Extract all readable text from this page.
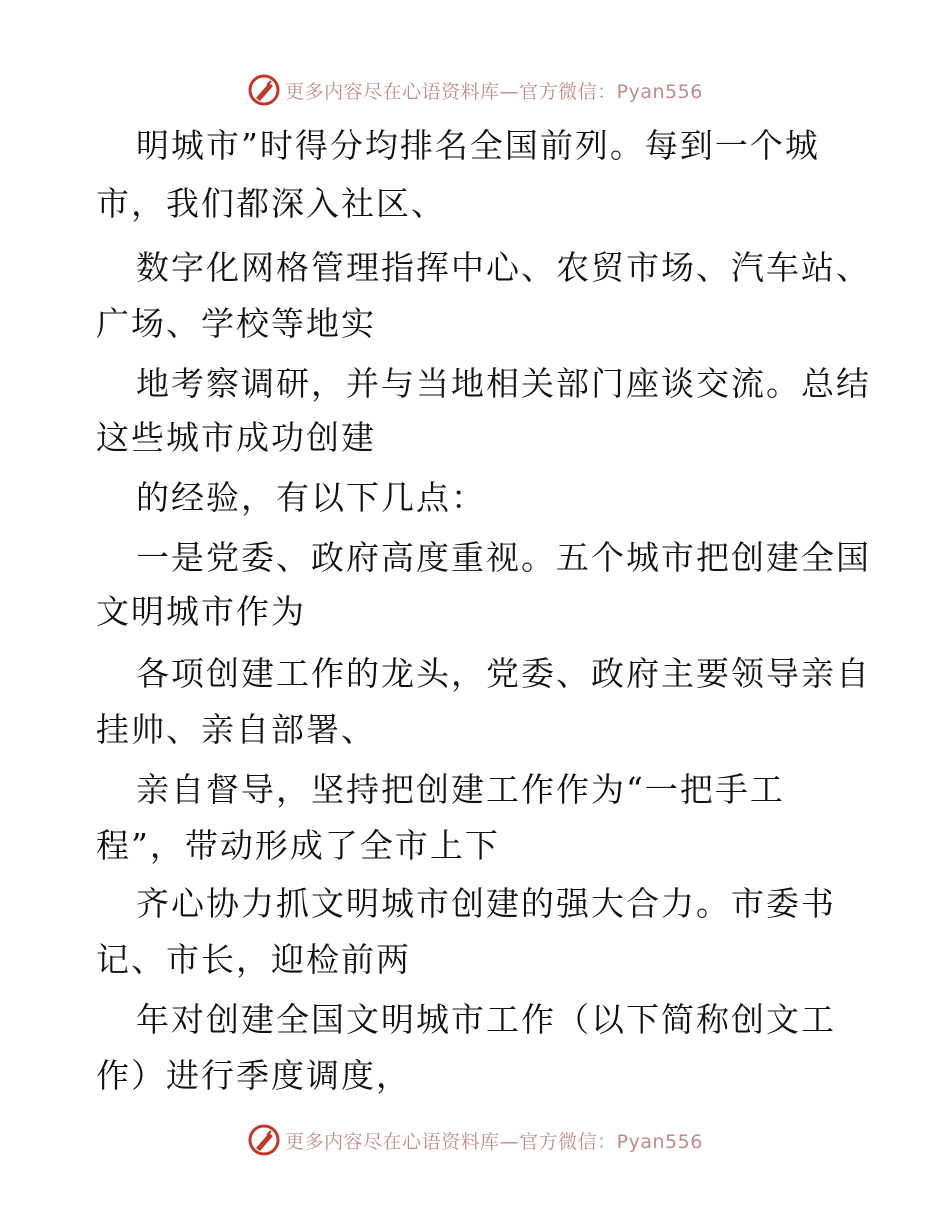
更多内容尽在心语资料库—官方微信：Pyan556
明城市”时得分均排名全国前列。每到一个城
市，我们都深入社区、
数字化网格管理指挥中心、农贸市场、汽车站、
广场、学校等地实
地考察调研，并与当地相关部门座谈交流。总结
这些城市成功创建
的经验，有以下几点：
一是党委、政府高度重视。五个城市把创建全国
文明城市作为
各项创建工作的龙头，党委、政府主要领导亲自
挂帅、亲自部署、
亲自督导，坚持把创建工作作为“一把手工
程”，带动形成了全市上下
齐心协力抓文明城市创建的强大合力。市委书
记、市长，迎检前两
年对创建全国文明城市工作（以下简称创文工
作）进行季度调度，
更多内容尽在心语资料库—官方微信：Pyan556
